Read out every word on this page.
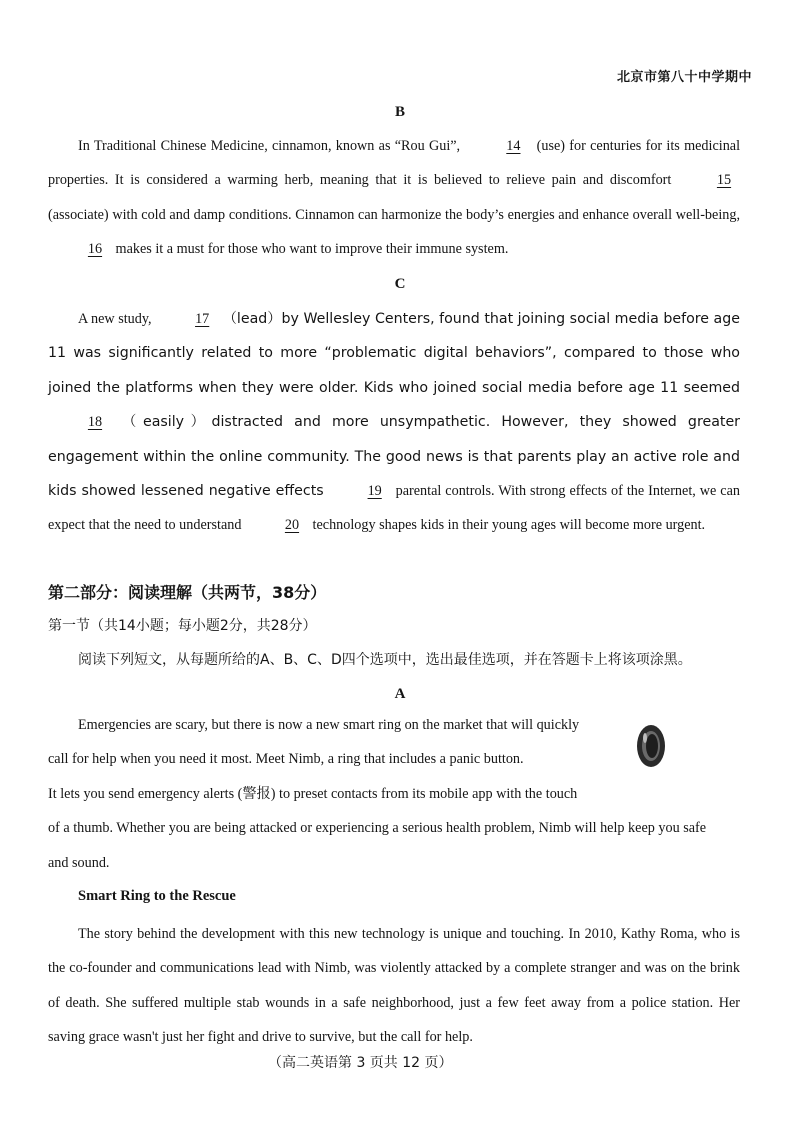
北京市第八十中学期中
B

In Traditional Chinese Medicine, cinnamon, known as “Rou Gui”,	14 (use) for centuries for its medicinal properties. It is considered a warming herb, meaning that it is believed to relieve pain and discomfort	15 (associate) with cold and damp conditions. Cinnamon can harmonize the body’s energies and enhance overall well-being, 16 makes it a must for those who want to improve their immune system.

C

A new study,	17 （lead）by Wellesley Centers, found that joining social media before age 11 was significantly related to more “problematic digital behaviors”, compared to those who joined the platforms when they were older. Kids who joined social media before age 11 seemed 18 （easily）distracted and more unsympathetic. However, they showed greater engagement within the online community. The good news is that parents play an active role and kids showed lessened negative effects	19 parental controls. With strong effects of the Internet, we can expect that the need to understand	20 technology shapes kids in their young ages will become more urgent.

第二部分：阅读理解（共两节，38分）
第一节（共14小题；每小题2分，共28分）
阅读下列短文，从每题所给的A、B、C、D四个选项中，选出最佳选项，并在答题卡上将该项涂黑。
A
Emergencies are scary, but there is now a new smart ring on the market that will quickly
call for help when you need it most. Meet Nimb, a ring that includes a panic button.
It lets you send emergency alerts (警报) to preset contacts from its mobile app with the touch
of a thumb. Whether you are being attacked or experiencing a serious health problem, Nimb will help keep you safe
and sound.
Smart Ring to the Rescue

The story behind the development with this new technology is unique and touching. In 2010, Kathy Roma, who is the co-founder and communications lead with Nimb, was violently attacked by a complete stranger and was on the brink of death. She suffered multiple stab wounds in a safe neighborhood, just a few feet away from a police station. Her saving grace wasn't just her fight and drive to survive, but the call for help.

（高二英语第 3 页共 12 页）
